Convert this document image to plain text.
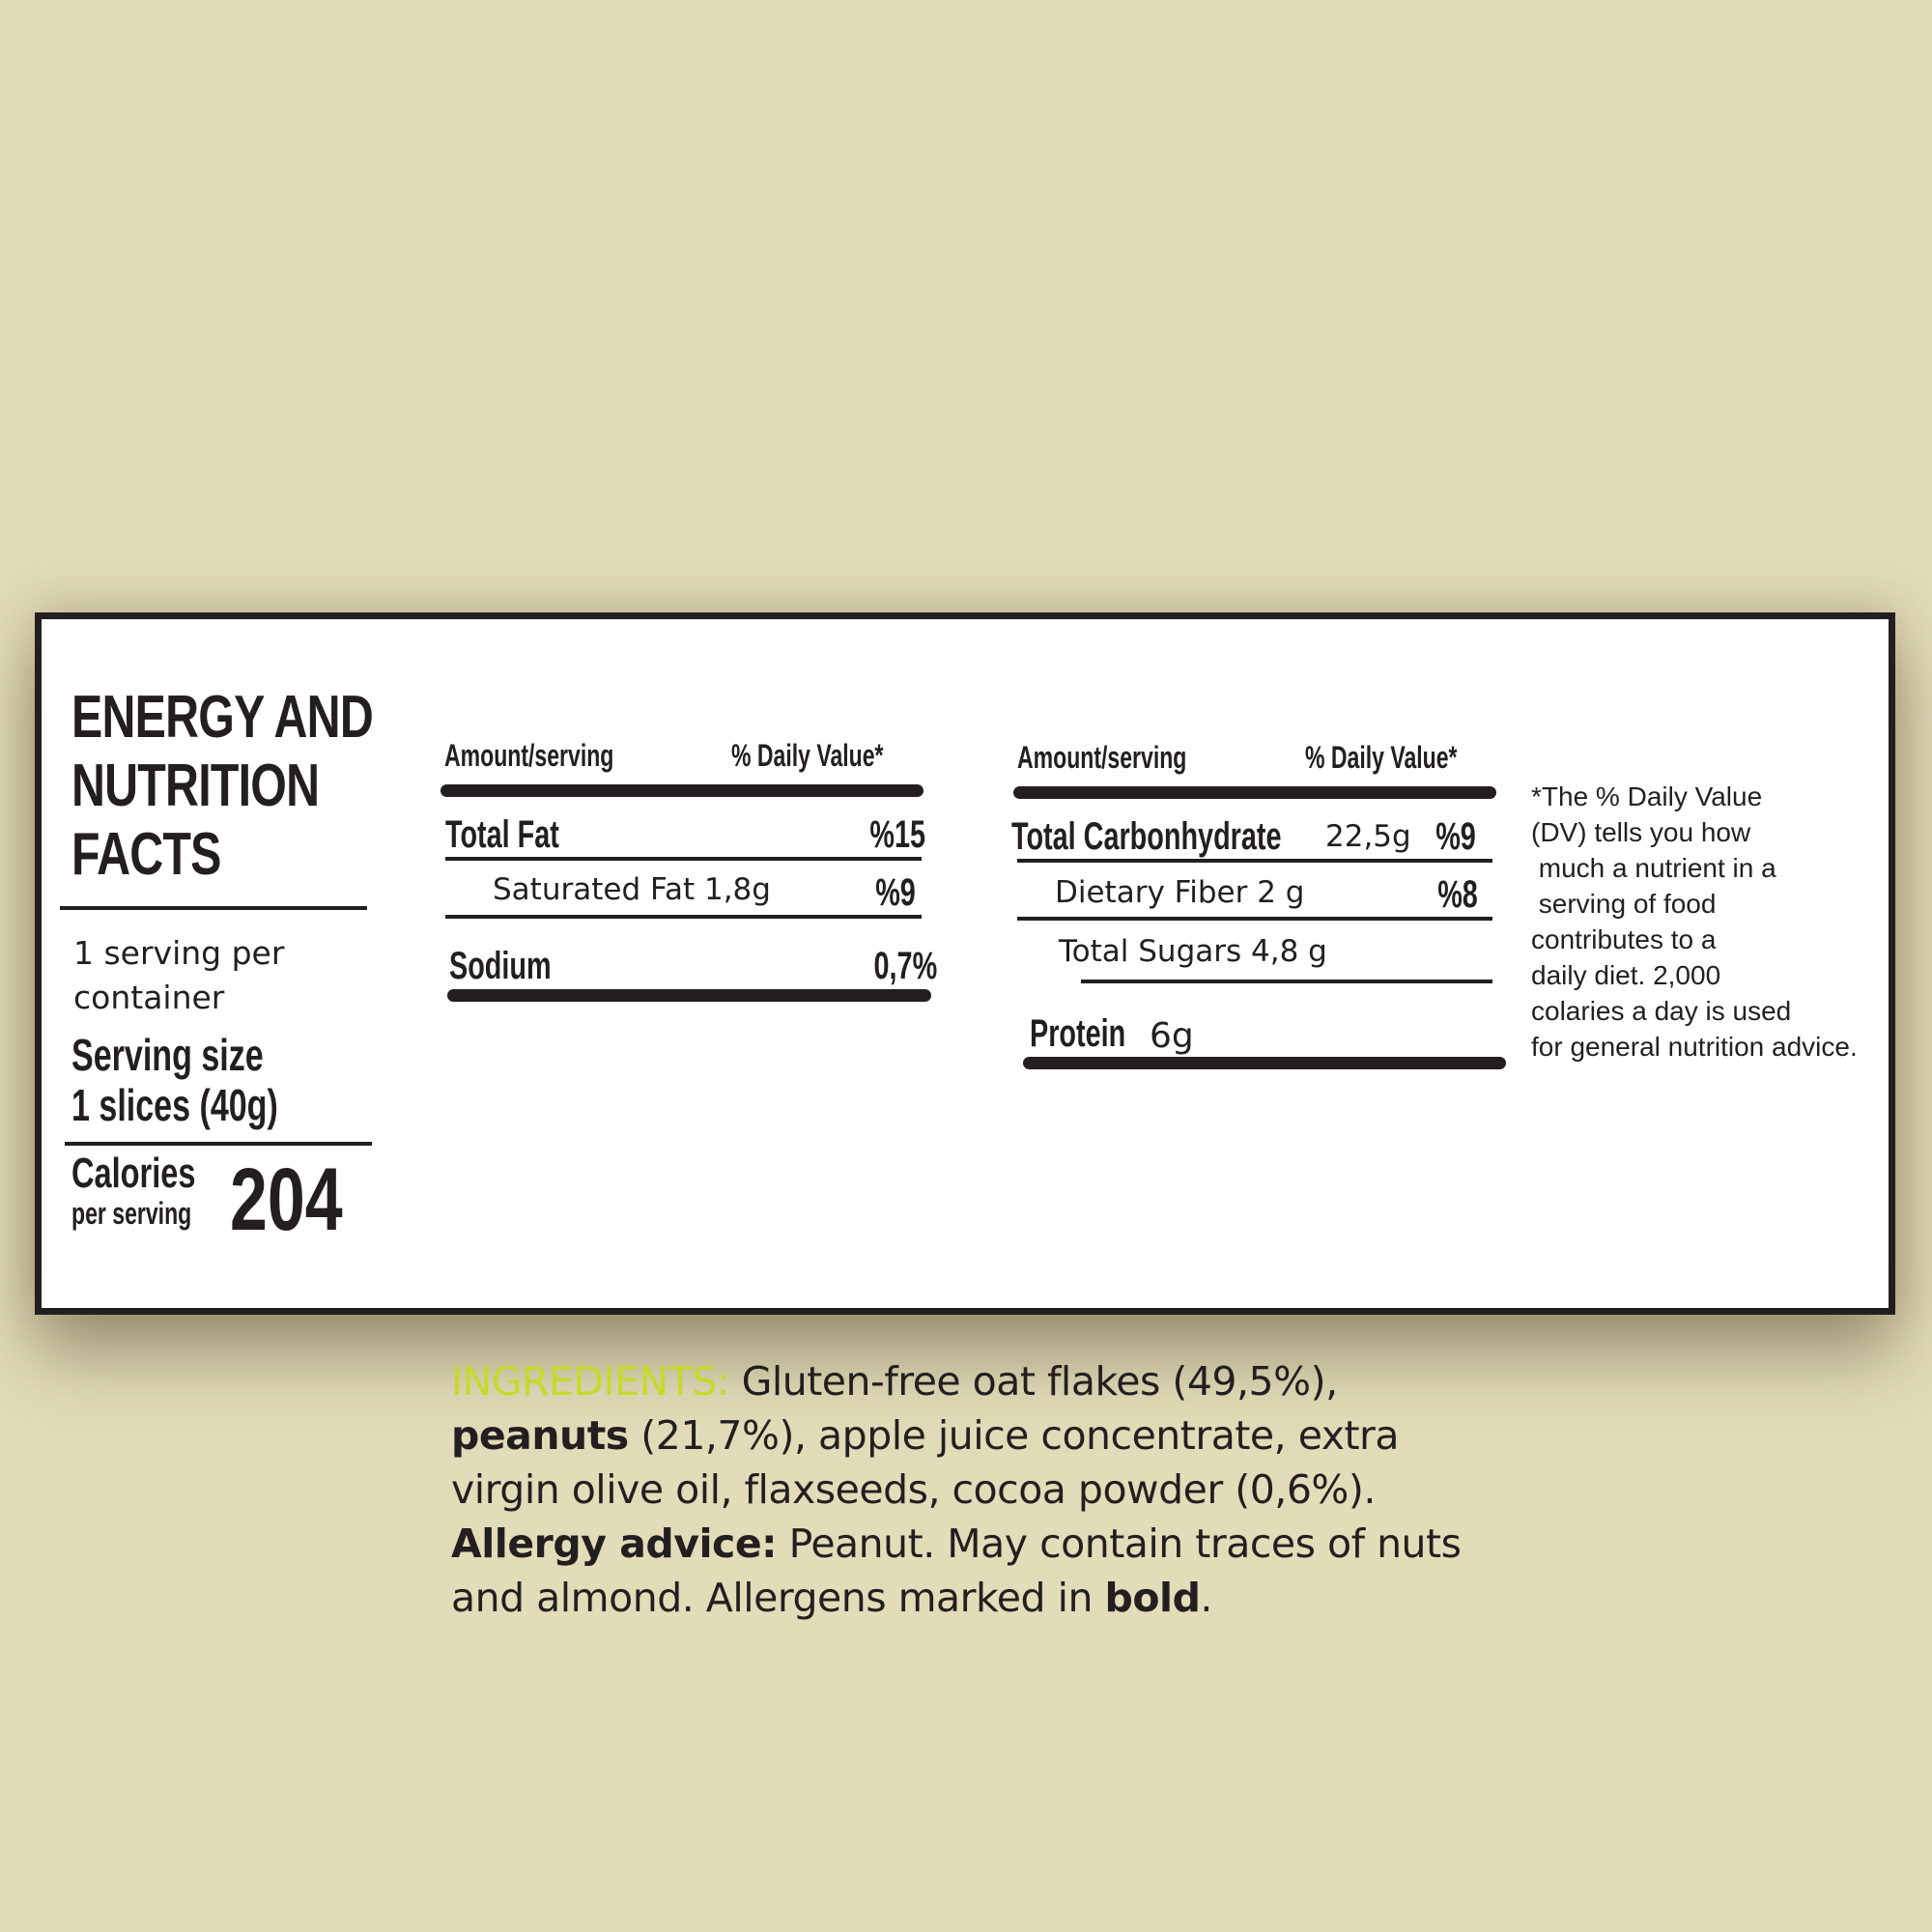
ENERGY AND
NUTRITION
FACTS
1 serving per
container
Serving size
1 slices (40g)
Calories
per serving 204
Amount/serving	% Daily Value*
Total Fat	%15
Saturated Fat 1,8g	%9
Sodium	0,7%
Amount/serving	% Daily Value*
Total Carbonhydrate	22,5g %9
Dietary Fiber 2 g	%8
Total Sugars 4,8 g
Protein 6g
*The % Daily Value
(DV) tells you how
much a nutrient in a
serving of food
contributes to a
daily diet. 2,000
colaries a day is used
for general nutrition advice.
INGREDIENTS: Gluten-free oat flakes (49,5%),
peanuts (21,7%), apple juice concentrate, extra
virgin olive oil, flaxseeds, cocoa powder (0,6%).
Allergy advice: Peanut. May contain traces of nuts
and almond. Allergens marked in bold.
